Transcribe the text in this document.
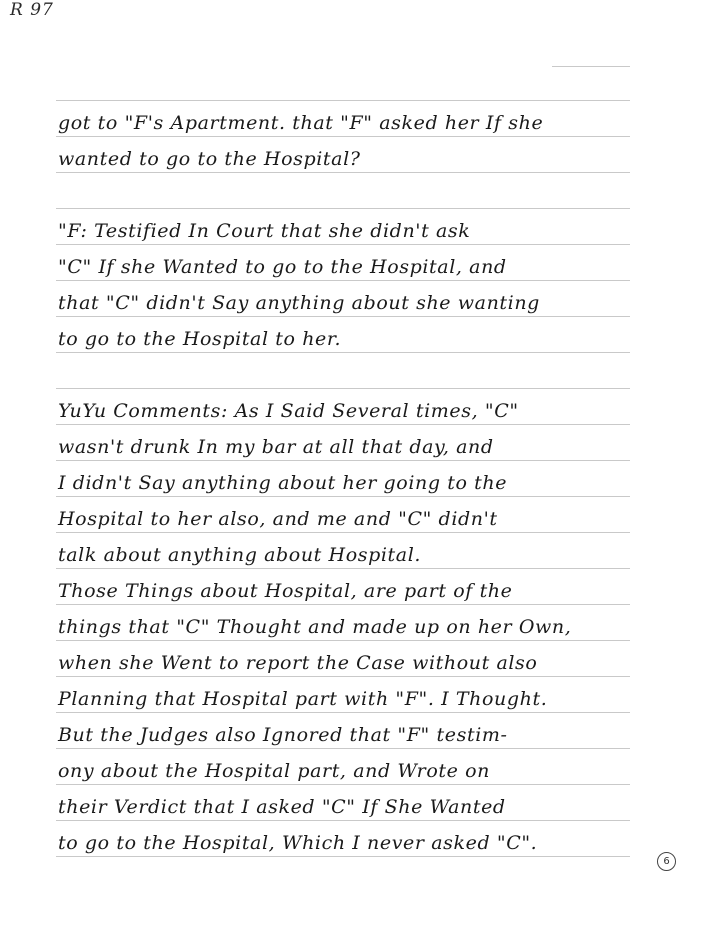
R 97
got to "F's Apartment. that "F" asked her If she
wanted to go to the Hospital?
"F: Testified In Court that she didn't ask
"C" If she Wanted to go to the Hospital, and
that "C" didn't Say anything about she wanting
to go to the Hospital to her.
YuYu Comments: As I Said Several times, "C"
wasn't drunk In my bar at all that day, and
I didn't Say anything about her going to the
Hospital to her also, and me and "C" didn't
talk about anything about Hospital.
Those Things about Hospital, are part of the
things that "C" Thought and made up on her Own,
when she Went to report the Case without also
Planning that Hospital part with "F". I Thought.
But the Judges also Ignored that "F" testim-
ony about the Hospital part, and Wrote on
their Verdict that I asked "C" If She Wanted
to go to the Hospital, Which I never asked "C".
6
